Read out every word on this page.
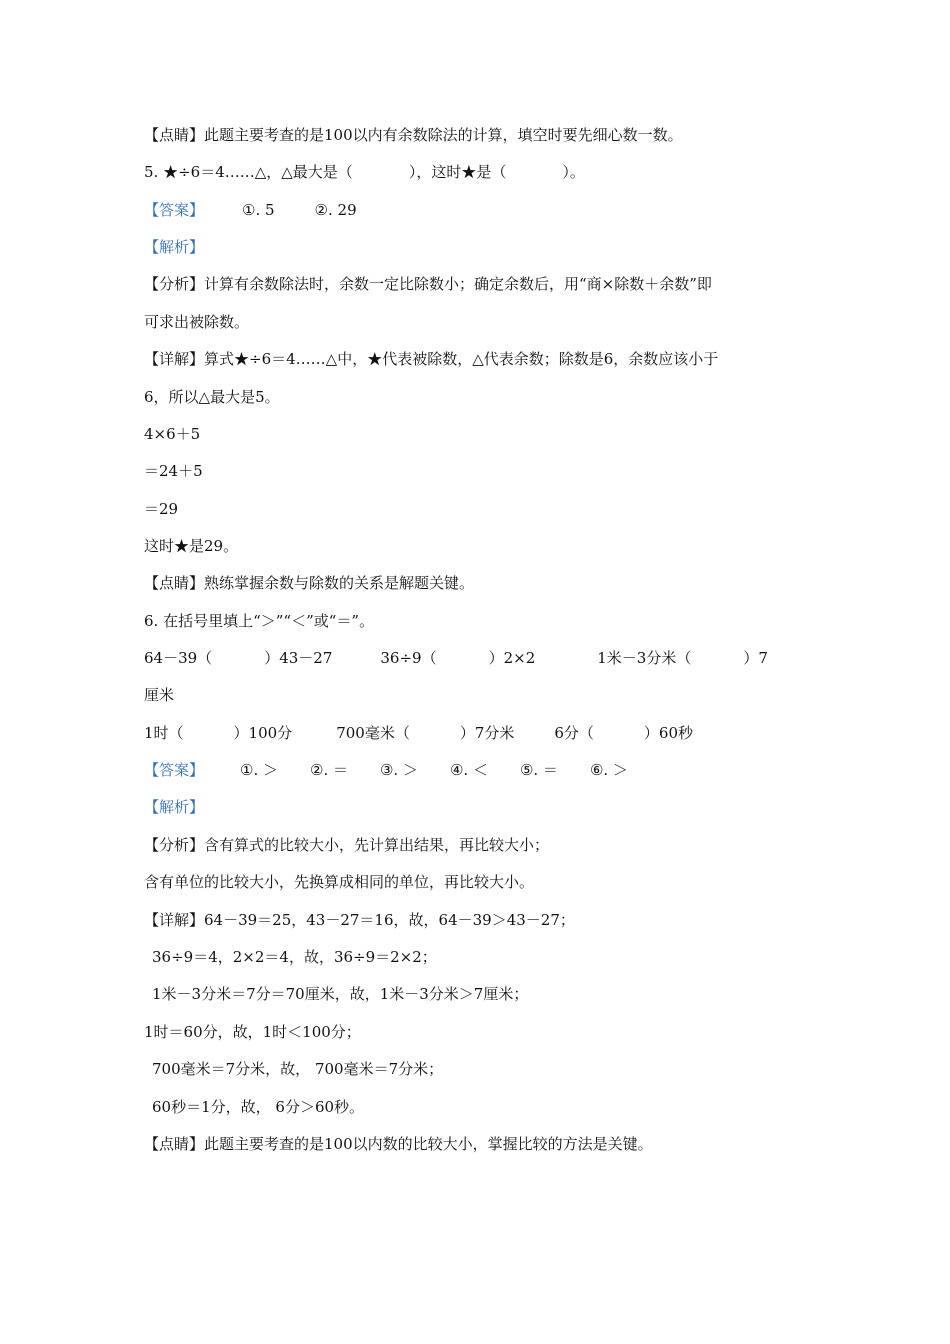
【点睛】此题主要考查的是100以内有余数除法的计算，填空时要先细心数一数。
5. ★÷6＝4……△，△最大是（	），这时★是（	）。
【答案】	①. 5	②. 29
【解析】
【分析】计算有余数除法时，余数一定比除数小；确定余数后，用“商×除数＋余数”即
可求出被除数。
【详解】算式★÷6＝4……△中，★代表被除数，△代表余数；除数是6，余数应该小于
6，所以△最大是5。
4×6＋5
＝24＋5
＝29
这时★是29。
【点睛】熟练掌握余数与除数的关系是解题关键。
6. 在括号里填上“＞”“＜”或“＝”。
64－39（	）43－27	36÷9（	）2×2	1米－3分米（	）7
厘米
1时（	）100分	700毫米（	）7分米	6分（	）60秒
【答案】 ①. ＞ ②. ＝ ③. ＞ ④. ＜ ⑤. ＝ ⑥. ＞
【解析】
【分析】含有算式的比较大小，先计算出结果，再比较大小；
含有单位的比较大小，先换算成相同的单位，再比较大小。
【详解】64－39＝25，43－27＝16，故，64－39＞43－27；
36÷9＝4，2×2＝4，故，36÷9＝2×2；
1米－3分米＝7分＝70厘米，故，1米－3分米＞7厘米；
1时＝60分，故，1时＜100分；
700毫米＝7分米，故， 700毫米＝7分米；
60秒＝1分，故， 6分＞60秒。
【点睛】此题主要考查的是100以内数的比较大小，掌握比较的方法是关键。
